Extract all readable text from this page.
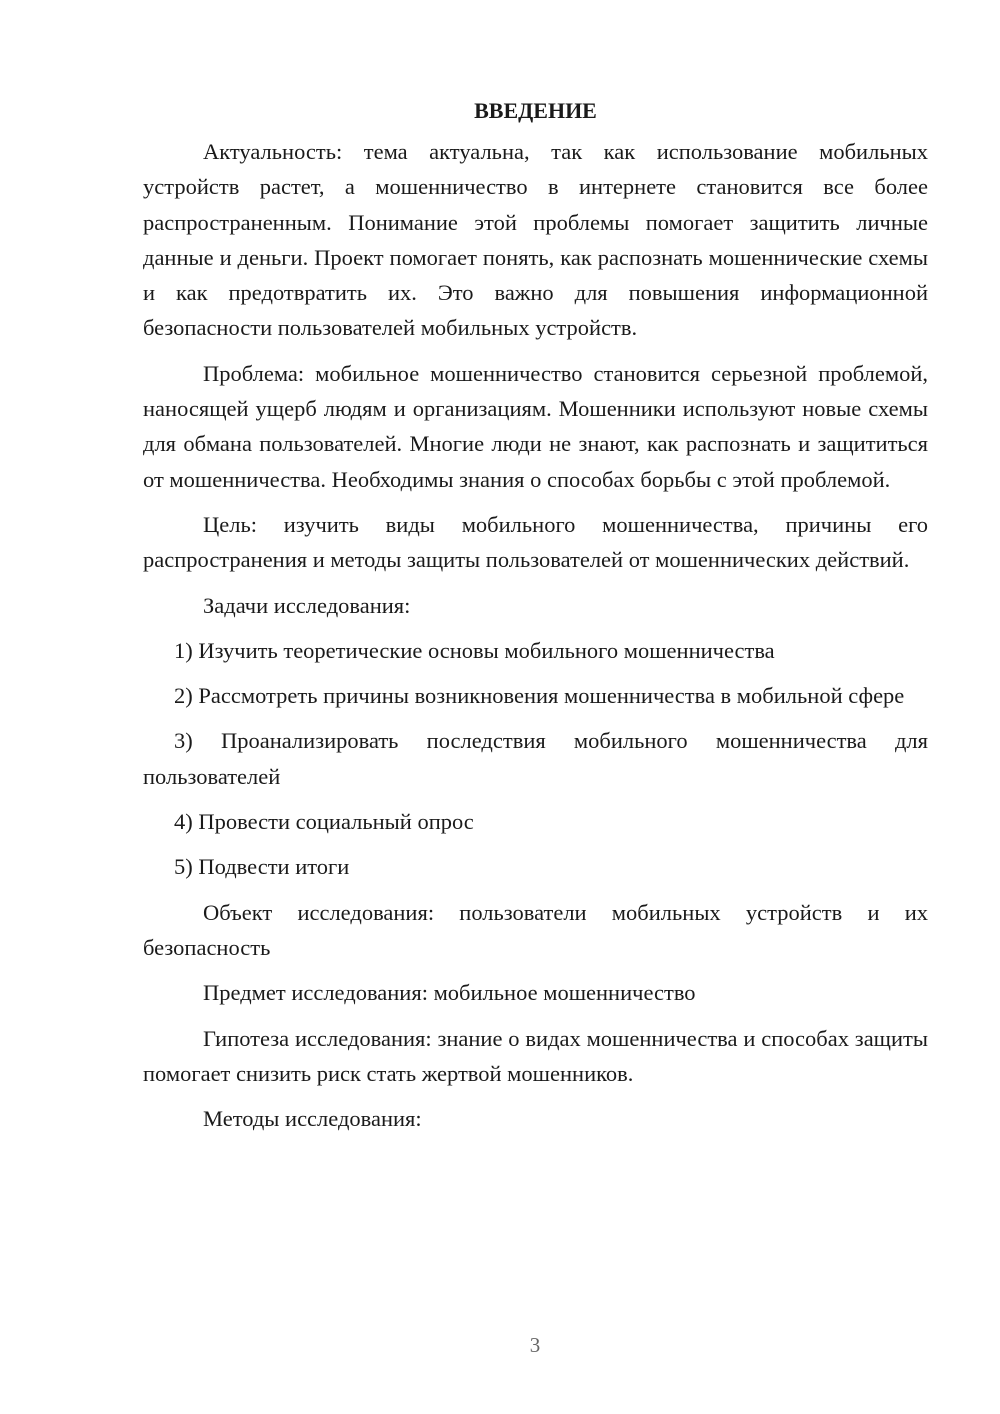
ВВЕДЕНИЕ

Актуальность: тема актуальна, так как использование мобильных устройств растет, а мошенничество в интернете становится все более распространенным. Понимание этой проблемы помогает защитить личные данные и деньги. Проект помогает понять, как распознать мошеннические схемы и как предотвратить их. Это важно для повышения информационной безопасности пользователей мобильных устройств.

Проблема: мобильное мошенничество становится серьезной проблемой, наносящей ущерб людям и организациям. Мошенники используют новые схемы для обмана пользователей. Многие люди не знают, как распознать и защититься от мошенничества. Необходимы знания о способах борьбы с этой проблемой.

Цель: изучить виды мобильного мошенничества, причины его распространения и методы защиты пользователей от мошеннических действий.

Задачи исследования:

1) Изучить теоретические основы мобильного мошенничества

2) Рассмотреть причины возникновения мошенничества в мобильной сфере

3) Проанализировать последствия мобильного мошенничества для пользователей

4) Провести социальный опрос

5) Подвести итоги

Объект исследования: пользователи мобильных устройств и их безопасность

Предмет исследования: мобильное мошенничество

Гипотеза исследования: знание о видах мошенничества и способах защиты помогает снизить риск стать жертвой мошенников.

Методы исследования:

3
